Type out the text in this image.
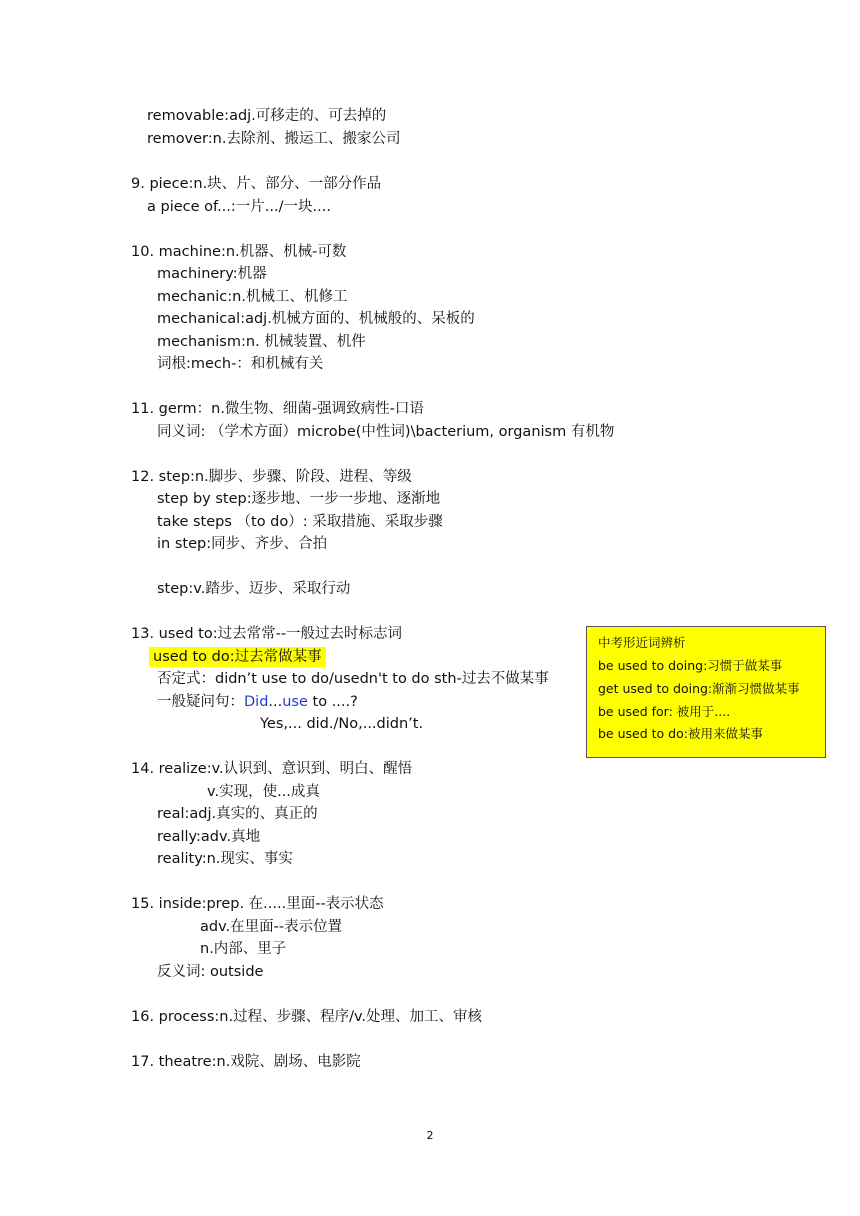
removable:adj.可移走的、可去掉的
remover:n.去除剂、搬运工、搬家公司
9. piece:n.块、片、部分、一部分作品
a piece of...:一片.../一块....
10. machine:n.机器、机械-可数
machinery:机器
mechanic:n.机械工、机修工
mechanical:adj.机械方面的、机械般的、呆板的
mechanism:n. 机械装置、机件
词根:mech-：和机械有关
11. germ：n.微生物、细菌-强调致病性-口语
同义词: （学术方面）microbe(中性词)\bacterium, organism 有机物
12. step:n.脚步、步骤、阶段、进程、等级
step by step:逐步地、一步一步地、逐渐地
take steps （to do）: 采取措施、采取步骤
in step:同步、齐步、合拍
step:v.踏步、迈步、采取行动
13. used to:过去常常--一般过去时标志词
used to do:过去常做某事
否定式：didn’t use to do/usedn't to do sth-过去不做某事
一般疑问句：Did...use to ....?
Yes,... did./No,...didn’t.
14. realize:v.认识到、意识到、明白、醒悟
v.实现，使...成真
real:adj.真实的、真正的
really:adv.真地
reality:n.现实、事实
15. inside:prep. 在.....里面--表示状态
adv.在里面--表示位置
n.内部、里子
反义词: outside
16. process:n.过程、步骤、程序/v.处理、加工、审核
17. theatre:n.戏院、剧场、电影院
中考形近词辨析
be used to doing:习惯于做某事
get used to doing:渐渐习惯做某事
be used for: 被用于....
be used to do:被用来做某事
2
